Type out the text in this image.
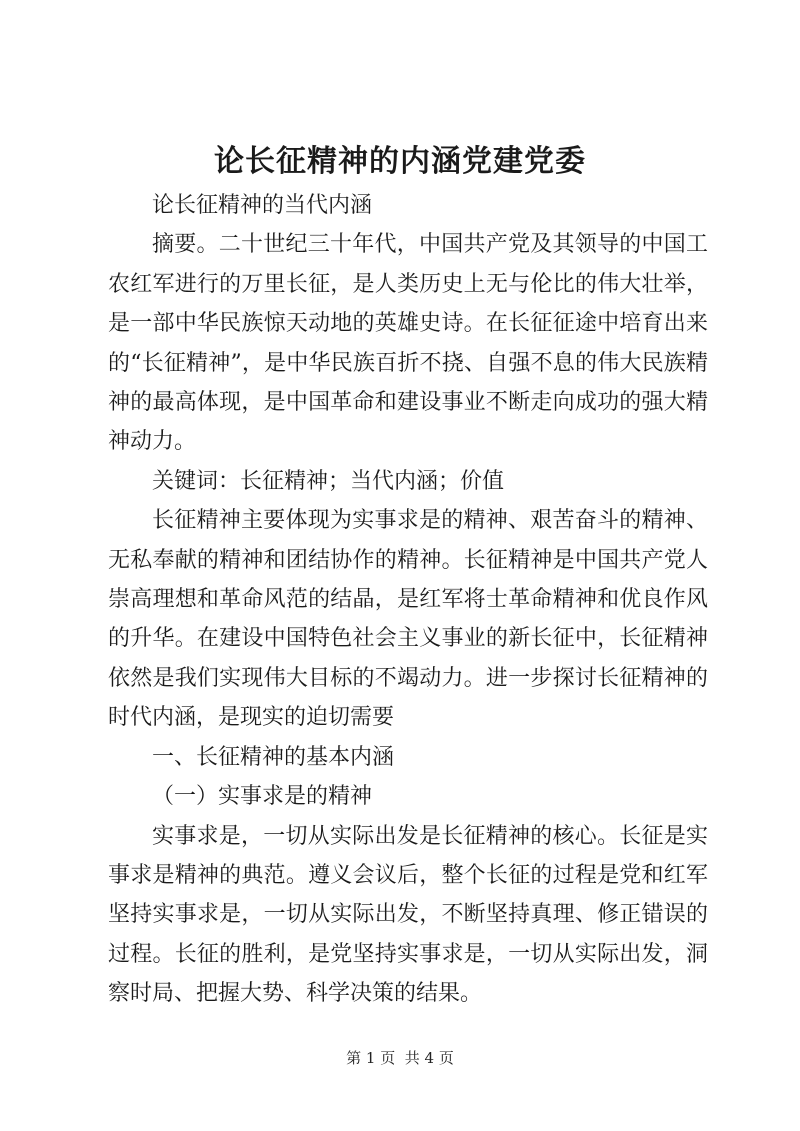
论长征精神的内涵党建党委

论长征精神的当代内涵

摘要。二十世纪三十年代，中国共产党及其领导的中国工农红军进行的万里长征，是人类历史上无与伦比的伟大壮举，是一部中华民族惊天动地的英雄史诗。在长征征途中培育出来的“长征精神”，是中华民族百折不挠、自强不息的伟大民族精神的最高体现，是中国革命和建设事业不断走向成功的强大精神动力。

关键词：长征精神；当代内涵；价值

长征精神主要体现为实事求是的精神、艰苦奋斗的精神、无私奉献的精神和团结协作的精神。长征精神是中国共产党人崇高理想和革命风范的结晶，是红军将士革命精神和优良作风的升华。在建设中国特色社会主义事业的新长征中，长征精神依然是我们实现伟大目标的不竭动力。进一步探讨长征精神的时代内涵，是现实的迫切需要

一、长征精神的基本内涵

（一）实事求是的精神

实事求是，一切从实际出发是长征精神的核心。长征是实事求是精神的典范。遵义会议后，整个长征的过程是党和红军坚持实事求是，一切从实际出发，不断坚持真理、修正错误的过程。长征的胜利，是党坚持实事求是，一切从实际出发，洞察时局、把握大势、科学决策的结果。

第 1 页  共 4 页
